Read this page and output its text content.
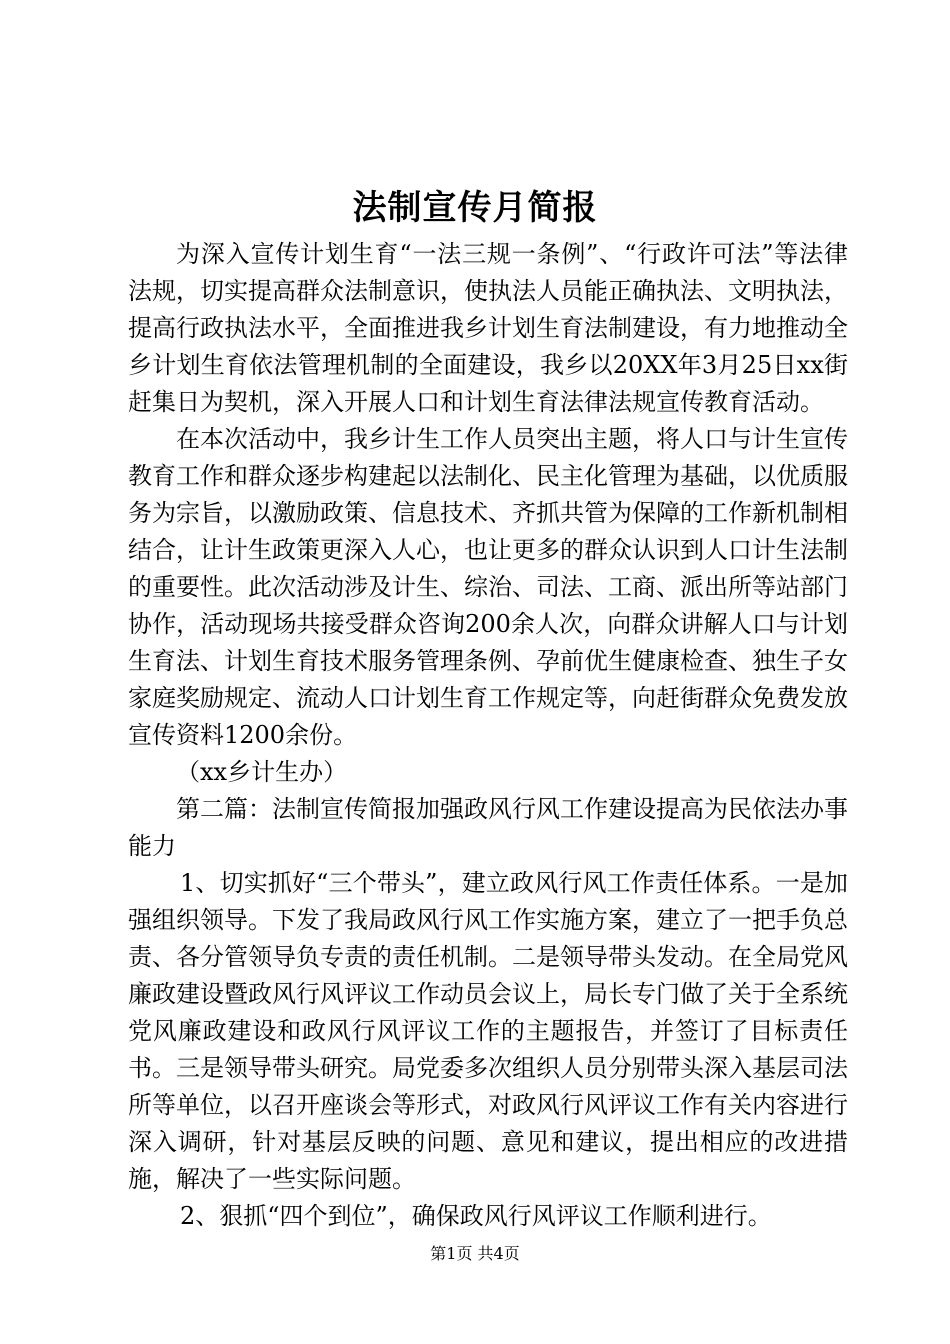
法制宣传月简报

为深入宣传计划生育“一法三规一条例”、“行政许可法”等法律法规，切实提高群众法制意识，使执法人员能正确执法、文明执法，提高行政执法水平，全面推进我乡计划生育法制建设，有力地推动全乡计划生育依法管理机制的全面建设，我乡以20XX年3月25日xx街赶集日为契机，深入开展人口和计划生育法律法规宣传教育活动。

在本次活动中，我乡计生工作人员突出主题，将人口与计生宣传教育工作和群众逐步构建起以法制化、民主化管理为基础，以优质服务为宗旨，以激励政策、信息技术、齐抓共管为保障的工作新机制相结合，让计生政策更深入人心，也让更多的群众认识到人口计生法制的重要性。此次活动涉及计生、综治、司法、工商、派出所等站部门协作，活动现场共接受群众咨询200余人次，向群众讲解人口与计划生育法、计划生育技术服务管理条例、孕前优生健康检查、独生子女家庭奖励规定、流动人口计划生育工作规定等，向赶街群众免费发放宣传资料1200余份。

（xx乡计生办）

第二篇：法制宣传简报加强政风行风工作建设提高为民依法办事能力

1、切实抓好“三个带头”，建立政风行风工作责任体系。一是加强组织领导。下发了我局政风行风工作实施方案，建立了一把手负总责、各分管领导负专责的责任机制。二是领导带头发动。在全局党风廉政建设暨政风行风评议工作动员会议上，局长专门做了关于全系统党风廉政建设和政风行风评议工作的主题报告，并签订了目标责任书。三是领导带头研究。局党委多次组织人员分别带头深入基层司法所等单位，以召开座谈会等形式，对政风行风评议工作有关内容进行深入调研，针对基层反映的问题、意见和建议，提出相应的改进措施，解决了一些实际问题。

2、狠抓“四个到位”，确保政风行风评议工作顺利进行。

第1页 共4页
